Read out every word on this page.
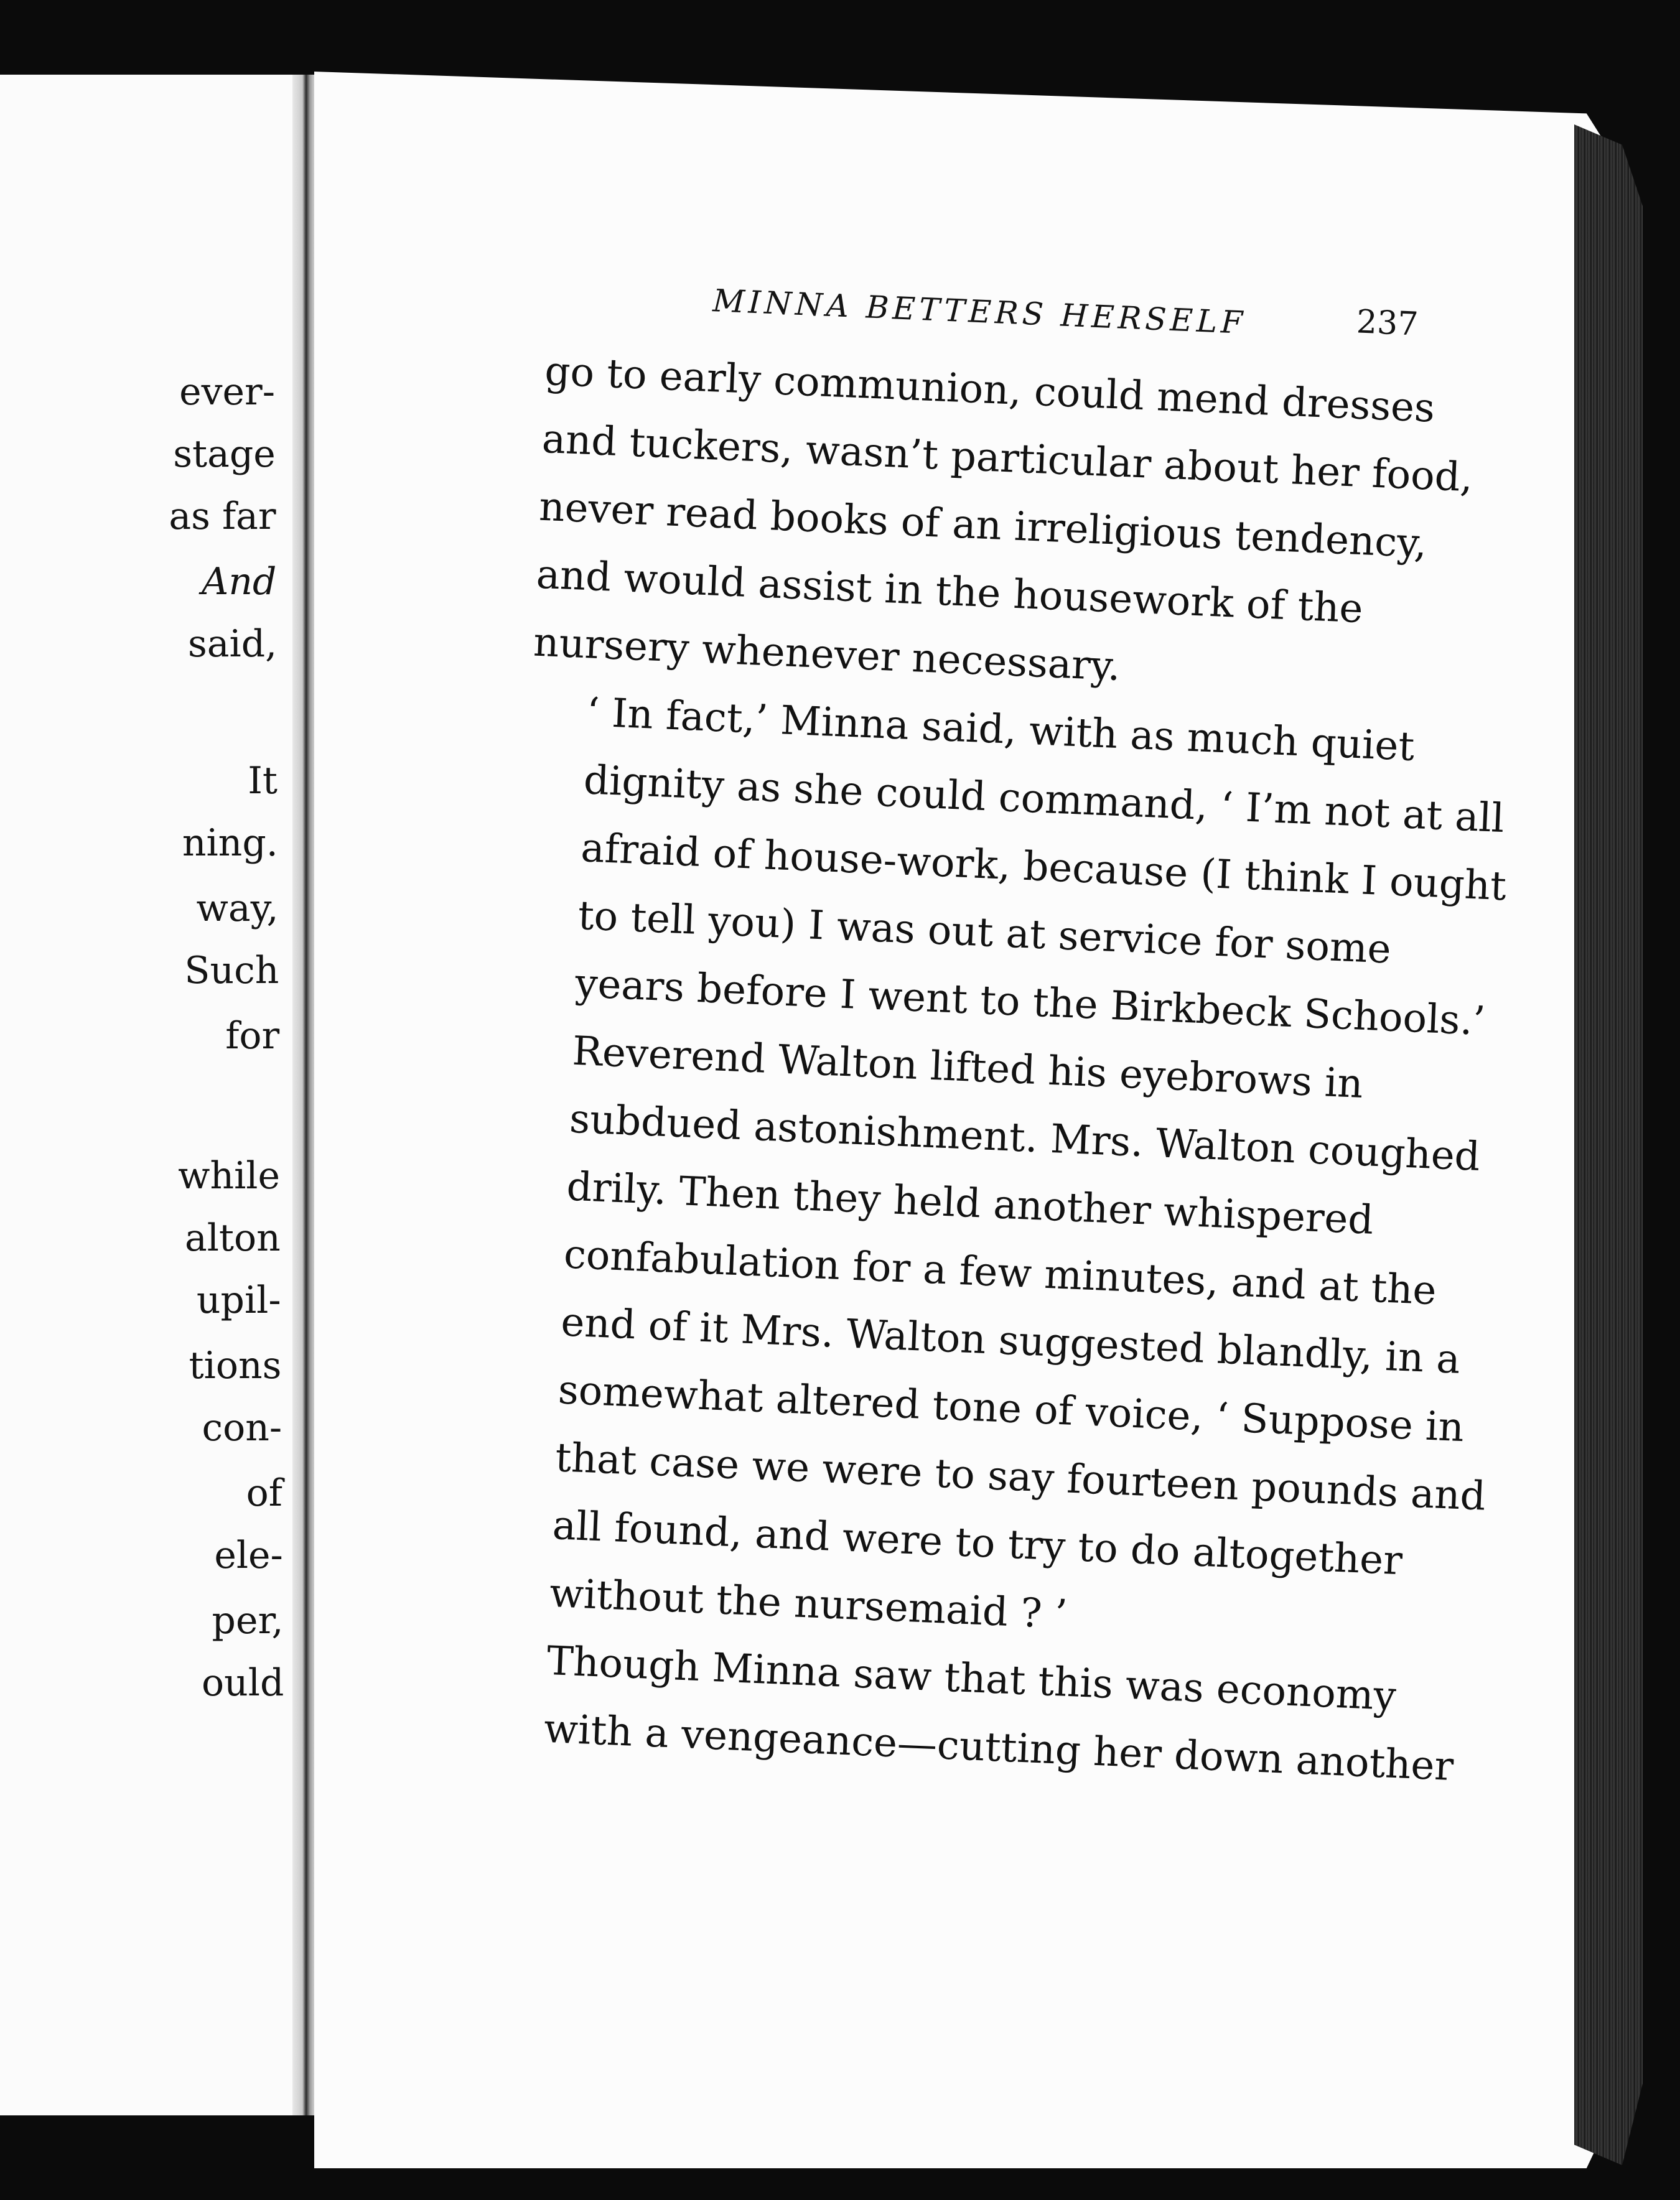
ever-
stage
as far
And
said,
It
ning.
way,
Such
for
while
alton
upil-
tions
con-
of
ele-
per,
ould
MINNA BETTERS HERSELF	237

go to early communion, could mend dresses
and tuckers, wasn’t particular about her food,
never read books of an irreligious tendency,
and would assist in the housework of the
nursery whenever necessary.

‘ In fact,’ Minna said, with as much quiet
dignity as she could command, ‘ I’m not at all
afraid of house-work, because (I think I ought
to tell you) I was out at service for some
years before I went to the Birkbeck Schools.’

Reverend Walton lifted his eyebrows in
subdued astonishment. Mrs. Walton coughed
drily. Then they held another whispered
confabulation for a few minutes, and at the
end of it Mrs. Walton suggested blandly, in a
somewhat altered tone of voice, ‘ Suppose in
that case we were to say fourteen pounds and
all found, and were to try to do altogether
without the nursemaid ? ’

Though Minna saw that this was economy
with a vengeance—cutting her down another
